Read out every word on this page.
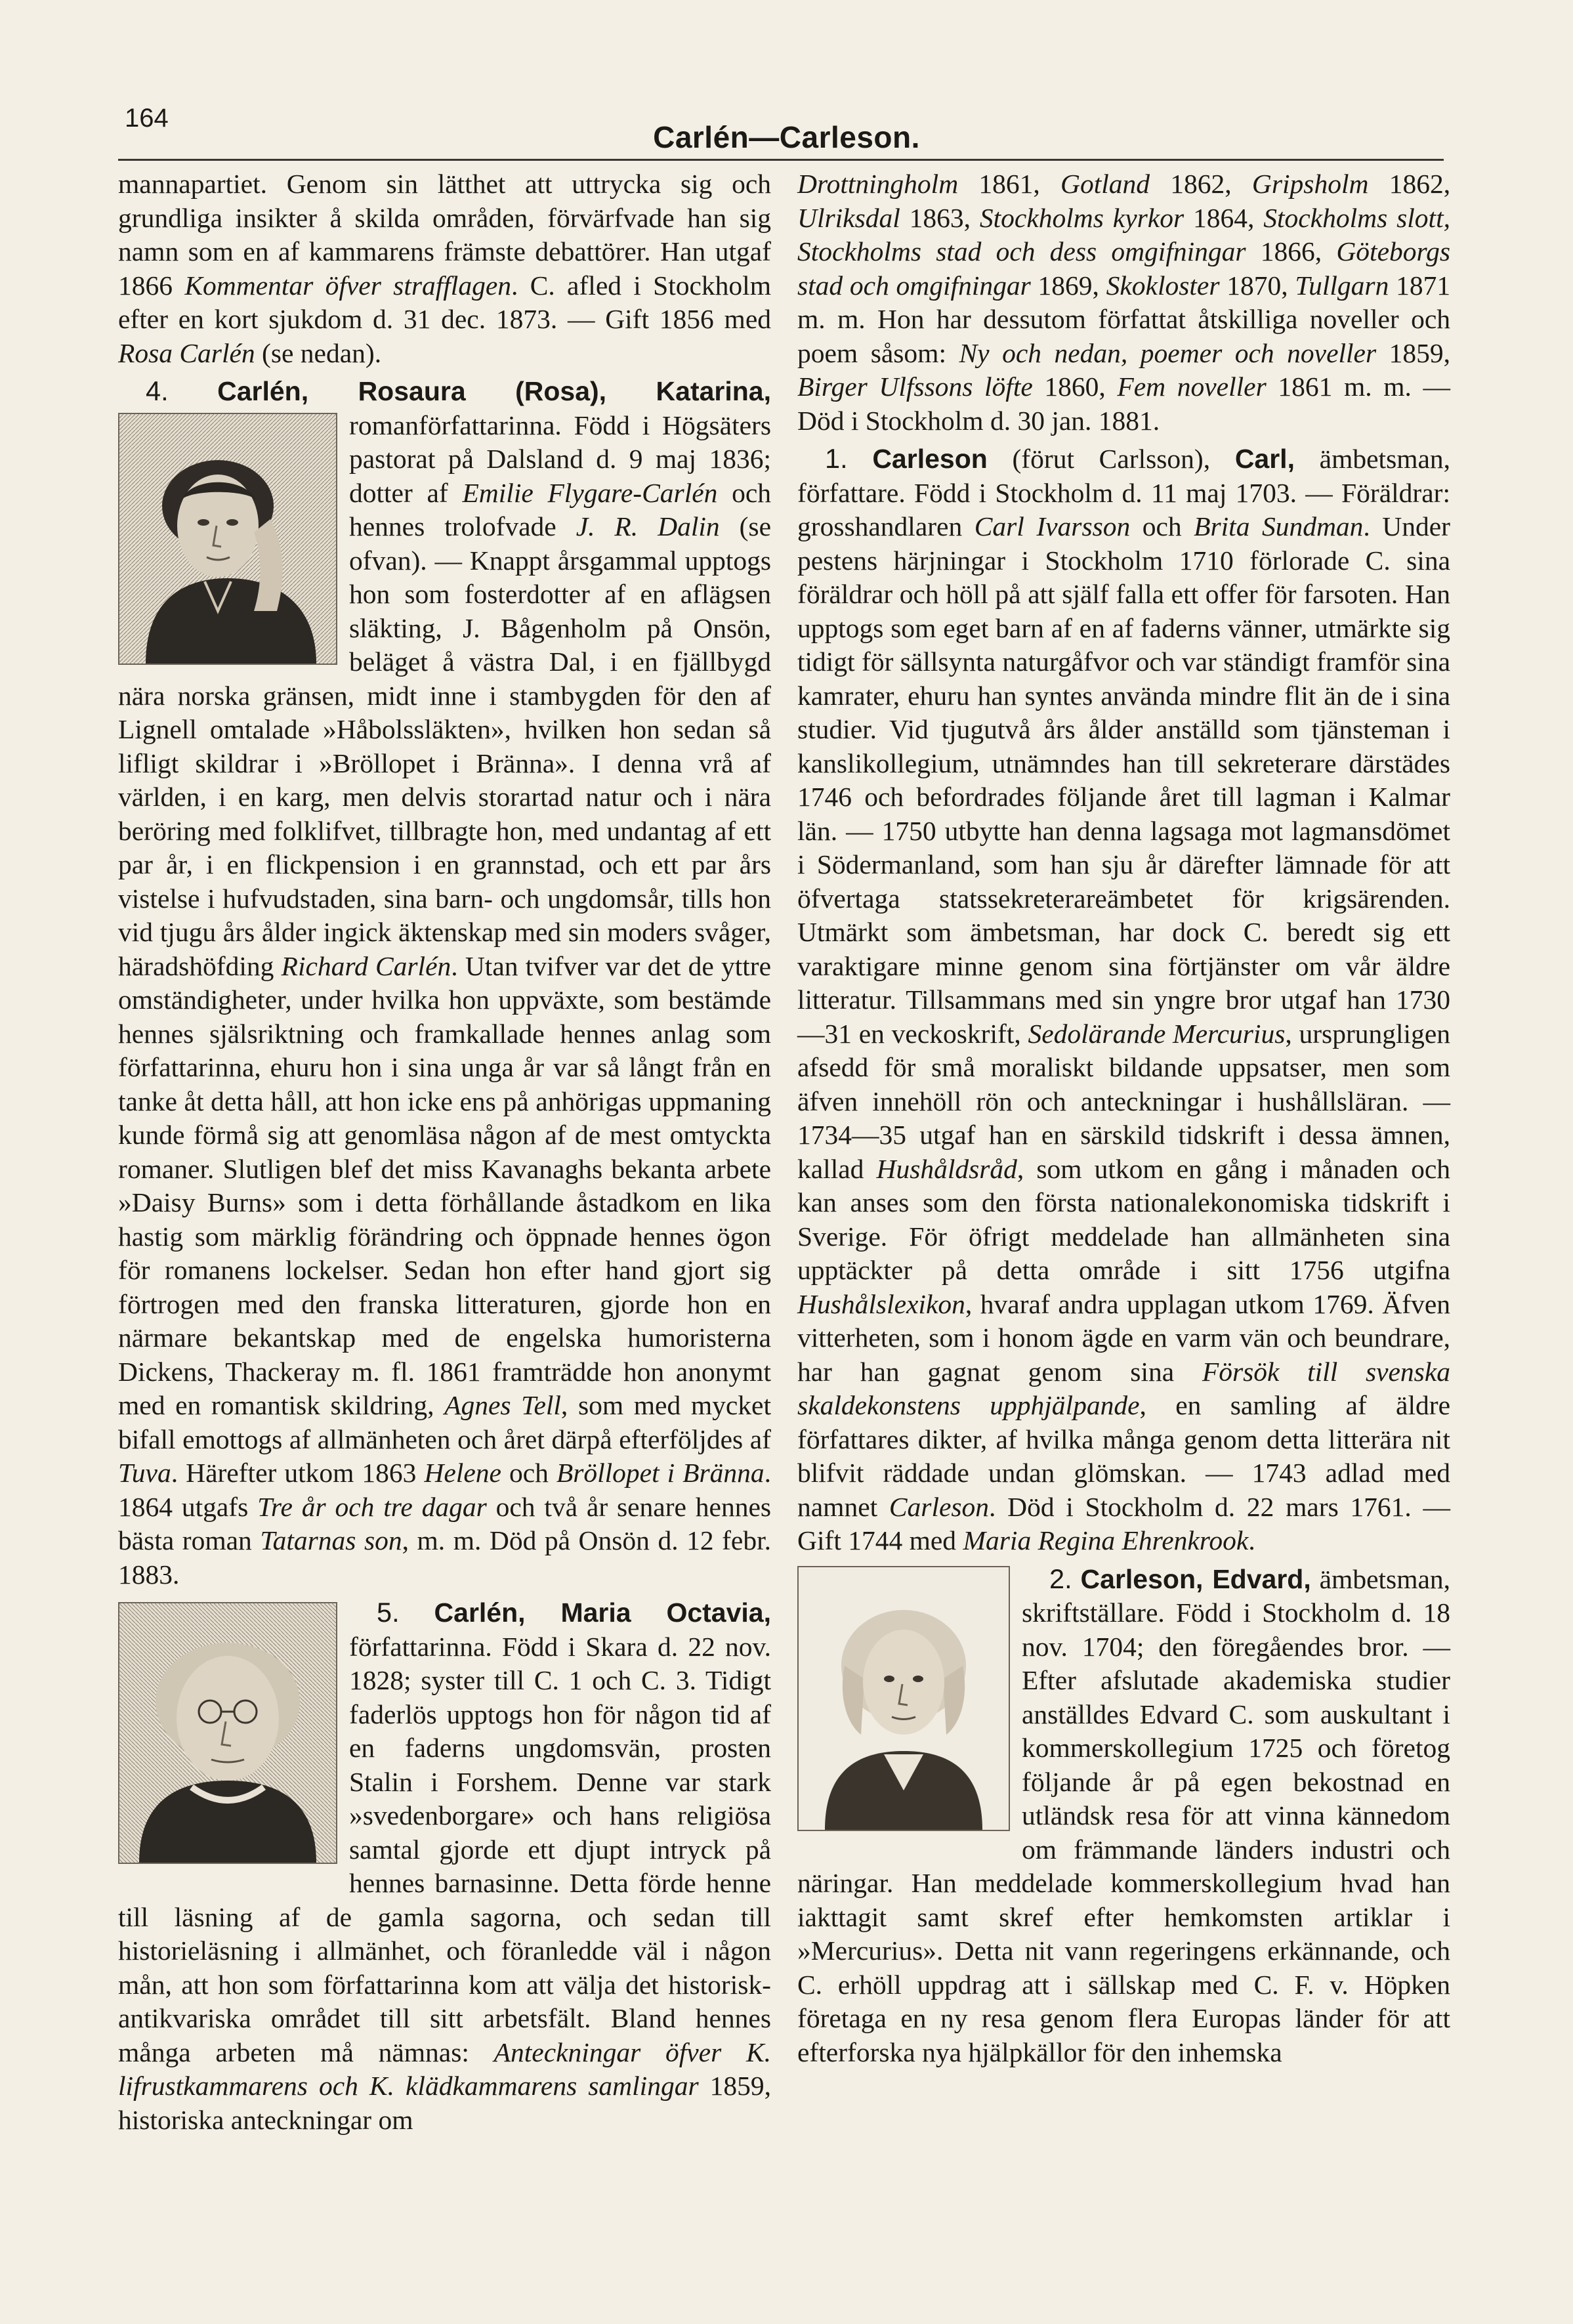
164
Carlén—Carleson.

mannapartiet. Genom sin lätthet att uttrycka sig och grundliga insikter å skilda områden, förvärfvade han sig namn som en af kammarens främste debattörer. Han utgaf 1866 Kommentar öfver strafflagen. C. afled i Stockholm efter en kort sjukdom d. 31 dec. 1873. — Gift 1856 med Rosa Carlén (se nedan).

4. Carlén, Rosaura (Rosa), Katarina,
romanförfattarinna. Född i Högsäters pastorat på Dalsland d. 9 maj 1836; dotter af Emilie Flygare-Carlén och hennes trolofvade J. R. Dalin (se ofvan). — Knappt årsgammal upptogs hon som fosterdotter af en aflägsen släkting, J. Bågenholm på Onsön, beläget å västra Dal, i en fjällbygd nära norska gränsen, midt inne i stambygden för den af Lignell omtalade »Håbolssläkten», hvilken hon sedan så lifligt skildrar i »Bröllopet i Bränna». I denna vrå af världen, i en karg, men delvis storartad natur och i nära beröring med folklifvet, tillbragte hon, med undantag af ett par år, i en flickpension i en grannstad, och ett par års vistelse i hufvudstaden, sina barn- och ungdomsår, tills hon vid tjugu års ålder ingick äktenskap med sin moders svåger, häradshöfding Richard Carlén. Utan tvifver var det de yttre omständigheter, under hvilka hon uppväxte, som bestämde hennes själsriktning och framkallade hennes anlag som författarinna, ehuru hon i sina unga år var så långt från en tanke åt detta håll, att hon icke ens på anhörigas uppmaning kunde förmå sig att genomläsa någon af de mest omtyckta romaner. Slutligen blef det miss Kavanaghs bekanta arbete »Daisy Burns» som i detta förhållande åstadkom en lika hastig som märklig förändring och öppnade hennes ögon för romanens lockelser. Sedan hon efter hand gjort sig förtrogen med den franska litteraturen, gjorde hon en närmare bekantskap med de engelska humoristerna Dickens, Thackeray m. fl. 1861 framträdde hon anonymt med en romantisk skildring, Agnes Tell, som med mycket bifall emottogs af allmänheten och året därpå efterföljdes af Tuva. Härefter utkom 1863 Helene och Bröllopet i Bränna. 1864 utgafs Tre år och tre dagar och två år senare hennes bästa roman Tatarnas son, m. m. Död på Onsön d. 12 febr. 1883.

5. Carlén, Maria Octavia,
författarinna. Född i Skara d. 22 nov. 1828; syster till C. 1 och C. 3. Tidigt faderlös upptogs hon för någon tid af en faderns ungdomsvän, prosten Stalin i Forshem. Denne var stark »svedenborgare» och hans religiösa samtal gjorde ett djupt intryck på hennes barnasinne. Detta förde henne till läsning af de gamla sagorna, och sedan till historieläsning i allmänhet, och föranledde väl i någon mån, att hon som författarinna kom att välja det historisk-antikvariska området till sitt arbetsfält. Bland hennes många arbeten må nämnas: Anteckningar öfver K. lifrustkammarens och K. klädkammarens samlingar 1859, historiska anteckningar om

Drottningholm 1861, Gotland 1862, Gripsholm 1862, Ulriksdal 1863, Stockholms kyrkor 1864, Stockholms slott, Stockholms stad och dess omgifningar 1866, Göteborgs stad och omgifningar 1869, Skokloster 1870, Tullgarn 1871 m. m. Hon har dessutom författat åtskilliga noveller och poem såsom: Ny och nedan, poemer och noveller 1859, Birger Ulfssons löfte 1860, Fem noveller 1861 m. m. — Död i Stockholm d. 30 jan. 1881.

1. Carleson (förut Carlsson), Carl, ämbetsman, författare. Född i Stockholm d. 11 maj 1703. — Föräldrar: grosshandlaren Carl Ivarsson och Brita Sundman. Under pestens härjningar i Stockholm 1710 förlorade C. sina föräldrar och höll på att själf falla ett offer för farsoten. Han upptogs som eget barn af en af faderns vänner, utmärkte sig tidigt för sällsynta naturgåfvor och var ständigt framför sina kamrater, ehuru han syntes använda mindre flit än de i sina studier. Vid tjugutvå års ålder anställd som tjänsteman i kanslikollegium, utnämndes han till sekreterare därstädes 1746 och befordrades följande året till lagman i Kalmar län. — 1750 utbytte han denna lagsaga mot lagmansdömet i Södermanland, som han sju år därefter lämnade för att öfvertaga statssekreterareämbetet för krigsärenden. Utmärkt som ämbetsman, har dock C. beredt sig ett varaktigare minne genom sina förtjänster om vår äldre litteratur. Tillsammans med sin yngre bror utgaf han 1730—31 en veckoskrift, Sedolärande Mercurius, ursprungligen afsedd för små moraliskt bildande uppsatser, men som äfven innehöll rön och anteckningar i hushållsläran. — 1734—35 utgaf han en särskild tidskrift i dessa ämnen, kallad Hushåldsråd, som utkom en gång i månaden och kan anses som den första nationalekonomiska tidskrift i Sverige. För öfrigt meddelade han allmänheten sina upptäckter på detta område i sitt 1756 utgifna Hushålslexikon, hvaraf andra upplagan utkom 1769. Äfven vitterheten, som i honom ägde en varm vän och beundrare, har han gagnat genom sina Försök till svenska skaldekonstens upphjälpande, en samling af äldre författares dikter, af hvilka många genom detta litterära nit blifvit räddade undan glömskan. — 1743 adlad med namnet Carleson. Död i Stockholm d. 22 mars 1761. — Gift 1744 med Maria Regina Ehrenkrook.

2. Carleson, Edvard, ämbetsman, skriftställare. Född i Stockholm d. 18 nov. 1704; den föregåendes bror. — Efter afslutade akademiska studier anställdes Edvard C. som auskultant i kommerskollegium 1725 och företog följande år på egen bekostnad en utländsk resa för att vinna kännedom om främmande länders industri och näringar. Han meddelade kommerskollegium hvad han iakttagit samt skref efter hemkomsten artiklar i »Mercurius». Detta nit vann regeringens erkännande, och C. erhöll uppdrag att i sällskap med C. F. v. Höpken företaga en ny resa genom flera Europas länder för att efterforska nya hjälpkällor för den inhemska
